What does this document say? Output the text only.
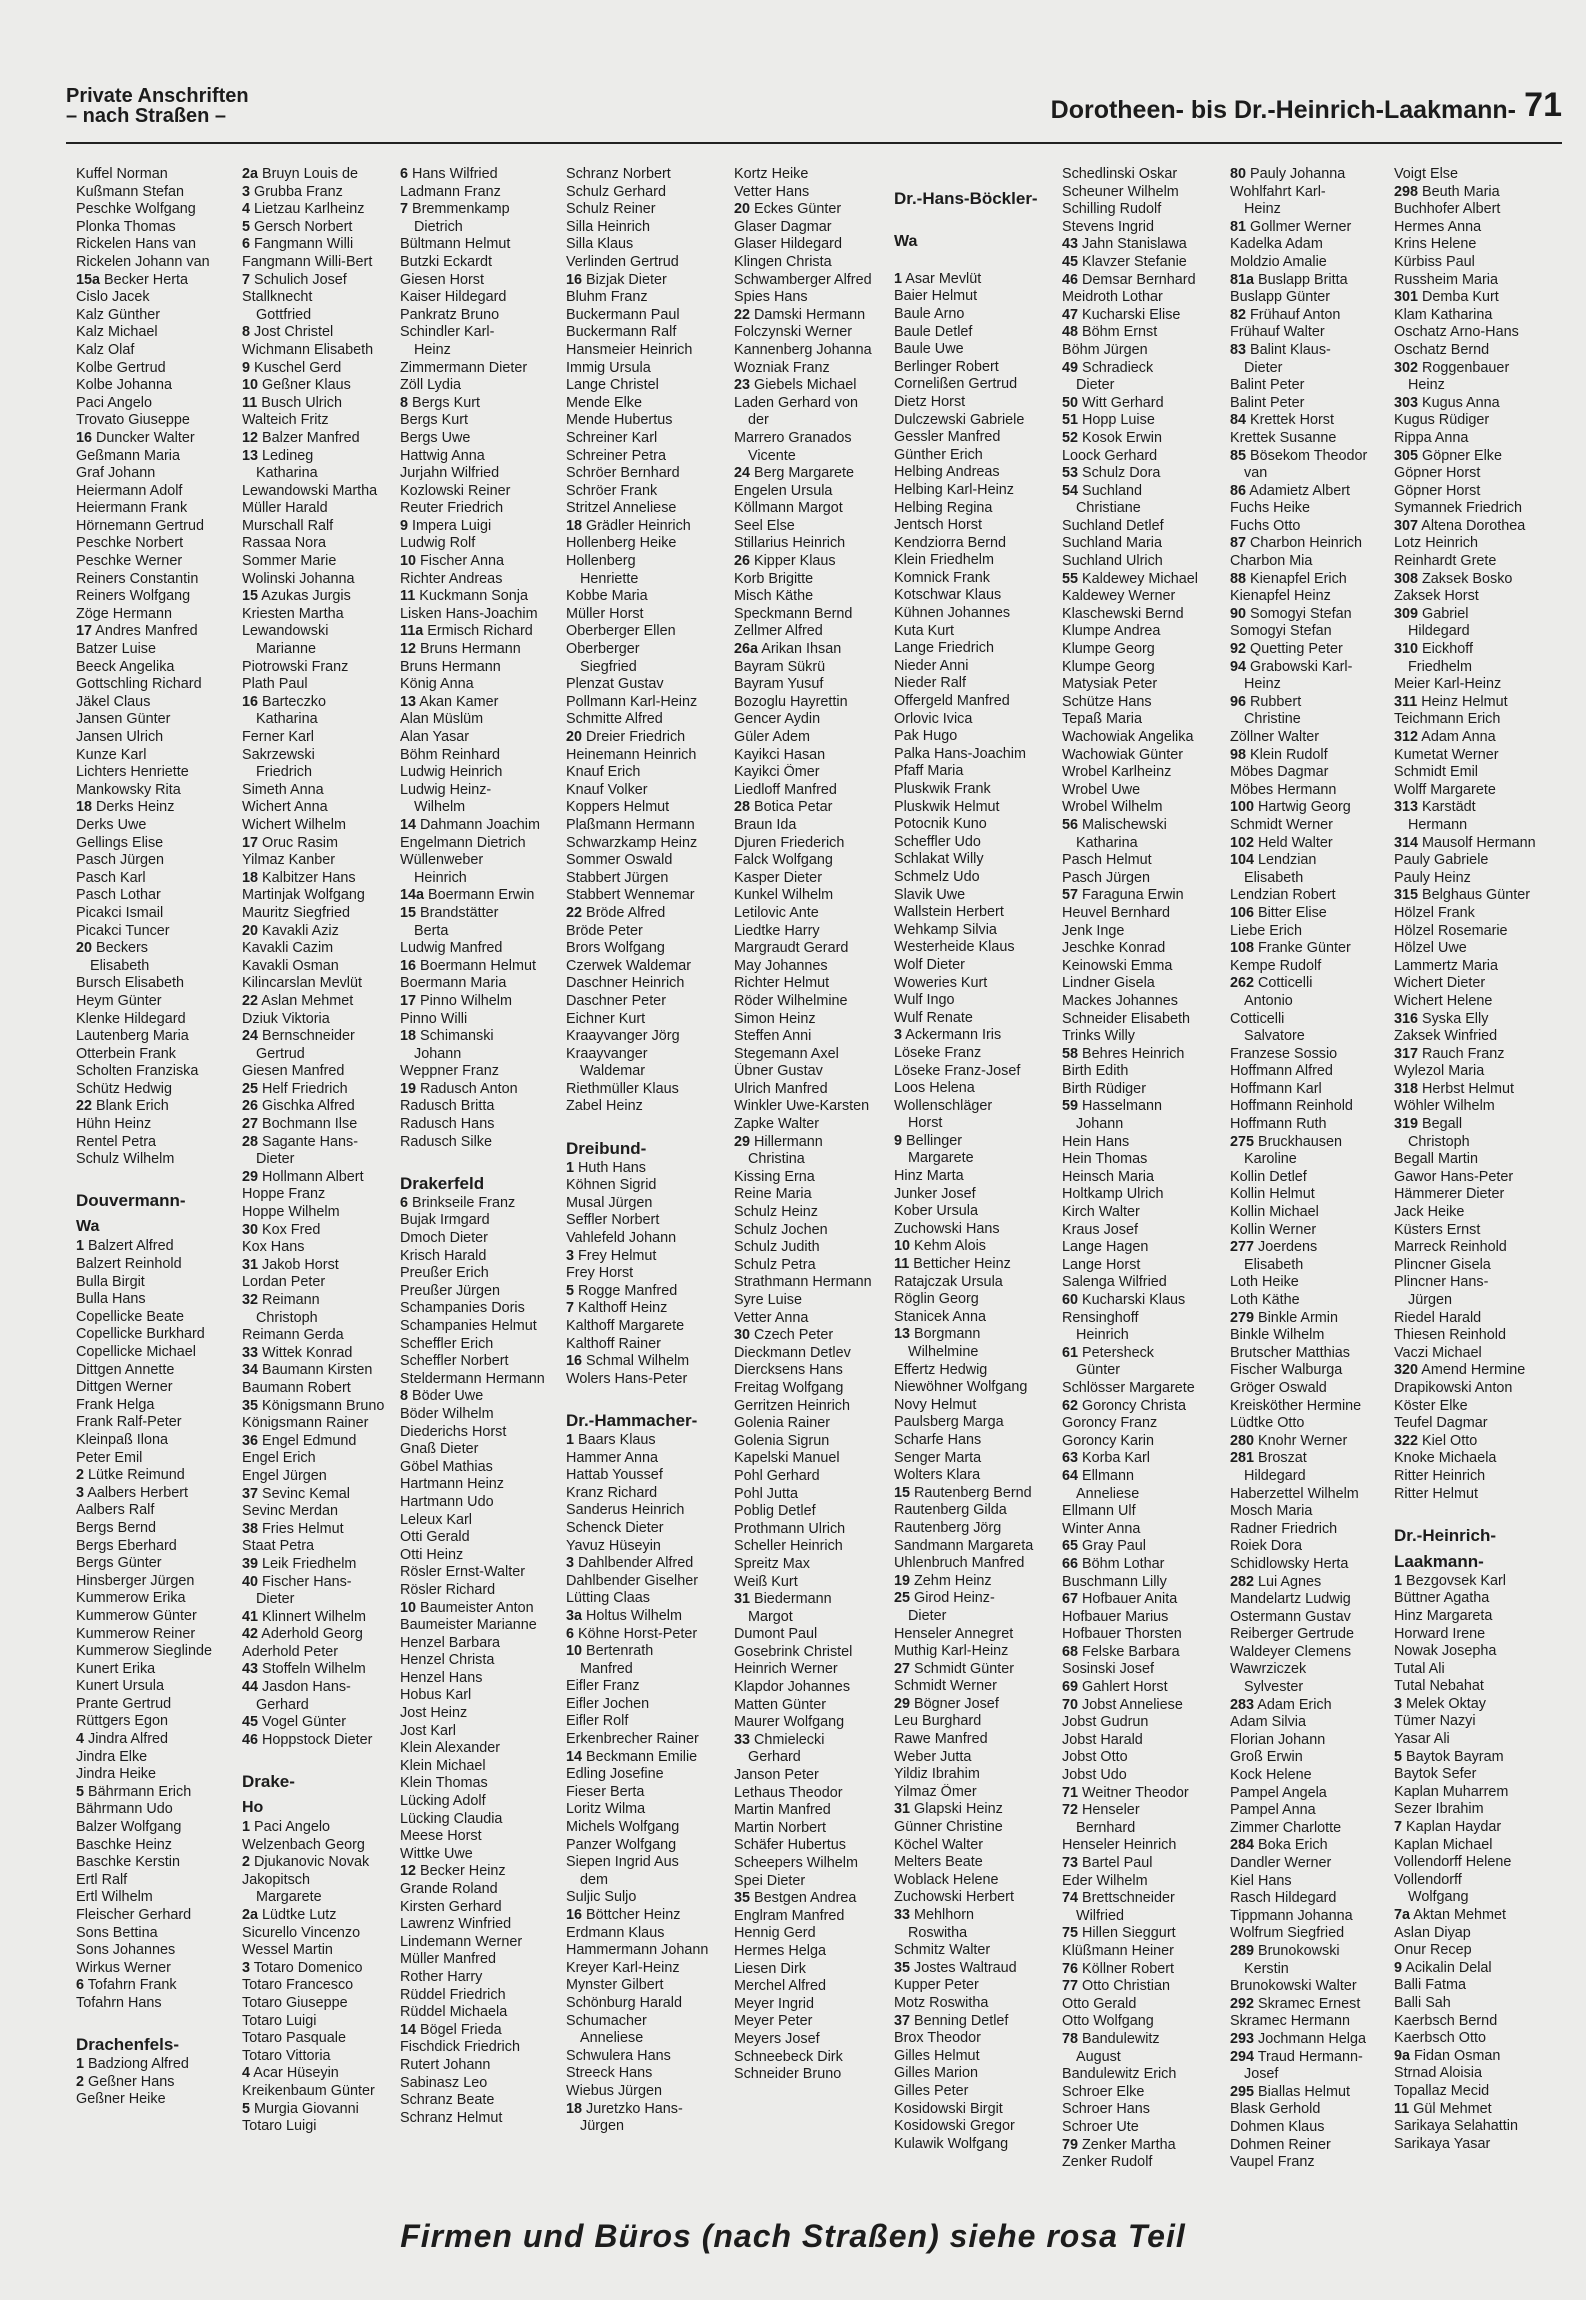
Private Anschriften
– nach Straßen –	Dorotheen- bis Dr.-Heinrich-Laakmann- 71
Kuffel Norman
Kußmann Stefan
Peschke Wolfgang
Plonka Thomas
Rickelen Hans van
Rickelen Johann van
15a Becker Herta
Cislo Jacek
Kalz Günther
Kalz Michael
Kalz Olaf
Kolbe Gertrud
Kolbe Johanna
Paci Angelo
Trovato Giuseppe
16 Duncker Walter
Geßmann Maria
Graf Johann
Heiermann Adolf
Heiermann Frank
Hörnemann Gertrud
Peschke Norbert
Peschke Werner
Reiners Constantin
Reiners Wolfgang
Zöge Hermann
17 Andres Manfred
Batzer Luise
Beeck Angelika
Gottschling Richard
Jäkel Claus
Jansen Günter
Jansen Ulrich
Kunze Karl
Lichters Henriette
Mankowsky Rita
18 Derks Heinz
Derks Uwe
Gellings Elise
Pasch Jürgen
Pasch Karl
Pasch Lothar
Picakci Ismail
Picakci Tuncer
20 Beckers
Elisabeth
Bursch Elisabeth
Heym Günter
Klenke Hildegard
Lautenberg Maria
Otterbein Frank
Scholten Franziska
Schütz Hedwig
22 Blank Erich
Hühn Heinz
Rentel Petra
Schulz Wilhelm
Douvermann-
Wa
1 Balzert Alfred
Balzert Reinhold
Bulla Birgit
Bulla Hans
Copellicke Beate
Copellicke Burkhard
Copellicke Michael
Dittgen Annette
Dittgen Werner
Frank Helga
Frank Ralf-Peter
Kleinpaß Ilona
Peter Emil
2 Lütke Reimund
3 Aalbers Herbert
Aalbers Ralf
Bergs Bernd
Bergs Eberhard
Bergs Günter
Hinsberger Jürgen
Kummerow Erika
Kummerow Günter
Kummerow Reiner
Kummerow Sieglinde
Kunert Erika
Kunert Ursula
Prante Gertrud
Rüttgers Egon
4 Jindra Alfred
Jindra Elke
Jindra Heike
5 Bährmann Erich
Bährmann Udo
Balzer Wolfgang
Baschke Heinz
Baschke Kerstin
Ertl Ralf
Ertl Wilhelm
Fleischer Gerhard
Sons Bettina
Sons Johannes
Wirkus Werner
6 Tofahrn Frank
Tofahrn Hans
Drachenfels-
1 Badziong Alfred
2 Geßner Hans
Geßner Heike
2a Bruyn Louis de
3 Grubba Franz
4 Lietzau Karlheinz
5 Gersch Norbert
6 Fangmann Willi
Fangmann Willi-Bert
7 Schulich Josef
Stallknecht
Gottfried
8 Jost Christel
Wichmann Elisabeth
9 Kuschel Gerd
10 Geßner Klaus
11 Busch Ulrich
Walteich Fritz
12 Balzer Manfred
13 Ledineg
Katharina
Lewandowski Martha
Müller Harald
Murschall Ralf
Rassaa Nora
Sommer Marie
Wolinski Johanna
15 Azukas Jurgis
Kriesten Martha
Lewandowski
Marianne
Piotrowski Franz
Plath Paul
16 Barteczko
Katharina
Ferner Karl
Sakrzewski
Friedrich
Simeth Anna
Wichert Anna
Wichert Wilhelm
17 Oruc Rasim
Yilmaz Kanber
18 Kalbitzer Hans
Martinjak Wolfgang
Mauritz Siegfried
20 Kavakli Aziz
Kavakli Cazim
Kavakli Osman
Kilincarslan Mevlüt
22 Aslan Mehmet
Dziuk Viktoria
24 Bernschneider
Gertrud
Giesen Manfred
25 Helf Friedrich
26 Gischka Alfred
27 Bochmann Ilse
28 Sagante Hans-
Dieter
29 Hollmann Albert
Hoppe Franz
Hoppe Wilhelm
30 Kox Fred
Kox Hans
31 Jakob Horst
Lordan Peter
32 Reimann
Christoph
Reimann Gerda
33 Wittek Konrad
34 Baumann Kirsten
Baumann Robert
35 Königsmann Bruno
Königsmann Rainer
36 Engel Edmund
Engel Erich
Engel Jürgen
37 Sevinc Kemal
Sevinc Merdan
38 Fries Helmut
Staat Petra
39 Leik Friedhelm
40 Fischer Hans-
Dieter
41 Klinnert Wilhelm
42 Aderhold Georg
Aderhold Peter
43 Stoffeln Wilhelm
44 Jasdon Hans-
Gerhard
45 Vogel Günter
46 Hoppstock Dieter
Drake-
Ho
1 Paci Angelo
Welzenbach Georg
2 Djukanovic Novak
Jakopitsch
Margarete
2a Lüdtke Lutz
Sicurello Vincenzo
Wessel Martin
3 Totaro Domenico
Totaro Francesco
Totaro Giuseppe
Totaro Luigi
Totaro Pasquale
Totaro Vittoria
4 Acar Hüseyin
Kreikenbaum Günter
5 Murgia Giovanni
Totaro Luigi
6 Hans Wilfried
Ladmann Franz
7 Bremmenkamp
Dietrich
Bültmann Helmut
Butzki Eckardt
Giesen Horst
Kaiser Hildegard
Pankratz Bruno
Schindler Karl-
Heinz
Zimmermann Dieter
Zöll Lydia
8 Bergs Kurt
Bergs Kurt
Bergs Uwe
Hattwig Anna
Jurjahn Wilfried
Kozlowski Reiner
Reuter Friedrich
9 Impera Luigi
Ludwig Rolf
10 Fischer Anna
Richter Andreas
11 Kuckmann Sonja
Lisken Hans-Joachim
11a Ermisch Richard
12 Bruns Hermann
Bruns Hermann
König Anna
13 Akan Kamer
Alan Müslüm
Alan Yasar
Böhm Reinhard
Ludwig Heinrich
Ludwig Heinz-
Wilhelm
14 Dahmann Joachim
Engelmann Dietrich
Wüllenweber
Heinrich
14a Boermann Erwin
15 Brandstätter
Berta
Ludwig Manfred
16 Boermann Helmut
Boermann Maria
17 Pinno Wilhelm
Pinno Willi
18 Schimanski
Johann
Weppner Franz
19 Radusch Anton
Radusch Britta
Radusch Hans
Radusch Silke
Drakerfeld
6 Brinkseile Franz
Bujak Irmgard
Dmoch Dieter
Krisch Harald
Preußer Erich
Preußer Jürgen
Schampanies Doris
Schampanies Helmut
Scheffler Erich
Scheffler Norbert
Steldermann Hermann
8 Böder Uwe
Böder Wilhelm
Diederichs Horst
Gnaß Dieter
Göbel Mathias
Hartmann Heinz
Hartmann Udo
Leleux Karl
Otti Gerald
Otti Heinz
Rösler Ernst-Walter
Rösler Richard
10 Baumeister Anton
Baumeister Marianne
Henzel Barbara
Henzel Christa
Henzel Hans
Hobus Karl
Jost Heinz
Jost Karl
Klein Alexander
Klein Michael
Klein Thomas
Lücking Adolf
Lücking Claudia
Meese Horst
Wittke Uwe
12 Becker Heinz
Grande Roland
Kirsten Gerhard
Lawrenz Winfried
Lindemann Werner
Müller Manfred
Rother Harry
Rüddel Friedrich
Rüddel Michaela
14 Bögel Frieda
Fischdick Friedrich
Rutert Johann
Sabinasz Leo
Schranz Beate
Schranz Helmut
Schranz Norbert
Schulz Gerhard
Schulz Reiner
Silla Heinrich
Silla Klaus
Verlinden Gertrud
16 Bizjak Dieter
Bluhm Franz
Buckermann Paul
Buckermann Ralf
Hansmeier Heinrich
Immig Ursula
Lange Christel
Mende Elke
Mende Hubertus
Schreiner Karl
Schreiner Petra
Schröer Bernhard
Schröer Frank
Stritzel Anneliese
18 Grädler Heinrich
Hollenberg Heike
Hollenberg
Henriette
Kobbe Maria
Müller Horst
Oberberger Ellen
Oberberger
Siegfried
Plenzat Gustav
Pollmann Karl-Heinz
Schmitte Alfred
20 Dreier Friedrich
Heinemann Heinrich
Knauf Erich
Knauf Volker
Koppers Helmut
Plaßmann Hermann
Schwarzkamp Heinz
Sommer Oswald
Stabbert Jürgen
Stabbert Wennemar
22 Bröde Alfred
Bröde Peter
Brors Wolfgang
Czerwek Waldemar
Daschner Heinrich
Daschner Peter
Eichner Kurt
Kraayvanger Jörg
Kraayvanger
Waldemar
Riethmüller Klaus
Zabel Heinz
Dreibund-
1 Huth Hans
Köhnen Sigrid
Musal Jürgen
Seffler Norbert
Vahlefeld Johann
3 Frey Helmut
Frey Horst
5 Rogge Manfred
7 Kalthoff Heinz
Kalthoff Margarete
Kalthoff Rainer
16 Schmal Wilhelm
Wolers Hans-Peter
Dr.-Hammacher-
1 Baars Klaus
Hammer Anna
Hattab Youssef
Kranz Richard
Sanderus Heinrich
Schenck Dieter
Yavuz Hüseyin
3 Dahlbender Alfred
Dahlbender Giselher
Lütting Claas
3a Holtus Wilhelm
6 Köhne Horst-Peter
10 Bertenrath
Manfred
Eifler Franz
Eifler Jochen
Eifler Rolf
Erkenbrecher Rainer
14 Beckmann Emilie
Edling Josefine
Fieser Berta
Loritz Wilma
Michels Wolfgang
Panzer Wolfgang
Siepen Ingrid Aus
dem
Suljic Suljo
16 Böttcher Heinz
Erdmann Klaus
Hammermann Johann
Kreyer Karl-Heinz
Mynster Gilbert
Schönburg Harald
Schumacher
Anneliese
Schwulera Hans
Streeck Hans
Wiebus Jürgen
18 Juretzko Hans-
Jürgen
Kortz Heike
Vetter Hans
20 Eckes Günter
Glaser Dagmar
Glaser Hildegard
Klingen Christa
Schwamberger Alfred
Spies Hans
22 Damski Hermann
Folczynski Werner
Kannenberg Johanna
Wozniak Franz
23 Giebels Michael
Laden Gerhard von
der
Marrero Granados
Vicente
24 Berg Margarete
Engelen Ursula
Köllmann Margot
Seel Else
Stillarius Heinrich
26 Kipper Klaus
Korb Brigitte
Misch Käthe
Speckmann Bernd
Zellmer Alfred
26a Arikan Ihsan
Bayram Sükrü
Bayram Yusuf
Bozoglu Hayrettin
Gencer Aydin
Güler Adem
Kayikci Hasan
Kayikci Ömer
Liedloff Manfred
28 Botica Petar
Braun Ida
Djuren Friederich
Falck Wolfgang
Kasper Dieter
Kunkel Wilhelm
Letilovic Ante
Liedtke Harry
Margraudt Gerard
May Johannes
Richter Helmut
Röder Wilhelmine
Simon Heinz
Steffen Anni
Stegemann Axel
Übner Gustav
Ulrich Manfred
Winkler Uwe-Karsten
Zapke Walter
29 Hillermann
Christina
Kissing Erna
Reine Maria
Schulz Heinz
Schulz Jochen
Schulz Judith
Schulz Petra
Strathmann Hermann
Syre Luise
Vetter Anna
30 Czech Peter
Dieckmann Detlev
Diercksens Hans
Freitag Wolfgang
Gerritzen Heinrich
Golenia Rainer
Golenia Sigrun
Kapelski Manuel
Pohl Gerhard
Pohl Jutta
Poblig Detlef
Prothmann Ulrich
Scheller Heinrich
Spreitz Max
Weiß Kurt
31 Biedermann
Margot
Dumont Paul
Gosebrink Christel
Heinrich Werner
Klapdor Johannes
Matten Günter
Maurer Wolfgang
33 Chmielecki
Gerhard
Janson Peter
Lethaus Theodor
Martin Manfred
Martin Norbert
Schäfer Hubertus
Scheepers Wilhelm
Spei Dieter
35 Bestgen Andrea
Englram Manfred
Hennig Gerd
Hermes Helga
Liesen Dirk
Merchel Alfred
Meyer Ingrid
Meyer Peter
Meyers Josef
Schneebeck Dirk
Schneider Bruno
Dr.-Hans-Böckler-
Wa
1 Asar Mevlüt
Baier Helmut
Baule Arno
Baule Detlef
Baule Uwe
Berlinger Robert
Cornelißen Gertrud
Dietz Horst
Dulczewski Gabriele
Gessler Manfred
Günther Erich
Helbing Andreas
Helbing Karl-Heinz
Helbing Regina
Jentsch Horst
Kendziorra Bernd
Klein Friedhelm
Komnick Frank
Kotschwar Klaus
Kühnen Johannes
Kuta Kurt
Lange Friedrich
Nieder Anni
Nieder Ralf
Offergeld Manfred
Orlovic Ivica
Pak Hugo
Palka Hans-Joachim
Pfaff Maria
Pluskwik Frank
Pluskwik Helmut
Potocnik Kuno
Scheffler Udo
Schlakat Willy
Schmelz Udo
Slavik Uwe
Wallstein Herbert
Wehkamp Silvia
Westerheide Klaus
Wolf Dieter
Woweries Kurt
Wulf Ingo
Wulf Renate
3 Ackermann Iris
Löseke Franz
Löseke Franz-Josef
Loos Helena
Wollenschläger
Horst
9 Bellinger
Margarete
Hinz Marta
Junker Josef
Kober Ursula
Zuchowski Hans
10 Kehm Alois
11 Betticher Heinz
Ratajczak Ursula
Röglin Georg
Stanicek Anna
13 Borgmann
Wilhelmine
Effertz Hedwig
Niewöhner Wolfgang
Novy Helmut
Paulsberg Marga
Scharfe Hans
Senger Marta
Wolters Klara
15 Rautenberg Bernd
Rautenberg Gilda
Rautenberg Jörg
Sandmann Margareta
Uhlenbruch Manfred
19 Zehm Heinz
25 Girod Heinz-
Dieter
Henseler Annegret
Muthig Karl-Heinz
27 Schmidt Günter
Schmidt Werner
29 Bögner Josef
Leu Burghard
Rawe Manfred
Weber Jutta
Yildiz Ibrahim
Yilmaz Ömer
31 Glapski Heinz
Günner Christine
Köchel Walter
Melters Beate
Woblack Helene
Zuchowski Herbert
33 Mehlhorn
Roswitha
Schmitz Walter
35 Jostes Waltraud
Kupper Peter
Motz Roswitha
37 Benning Detlef
Brox Theodor
Gilles Helmut
Gilles Marion
Gilles Peter
Kosidowski Birgit
Kosidowski Gregor
Kulawik Wolfgang
Schedlinski Oskar
Scheuner Wilhelm
Schilling Rudolf
Stevens Ingrid
43 Jahn Stanislawa
45 Klavzer Stefanie
46 Demsar Bernhard
Meidroth Lothar
47 Kucharski Elise
48 Böhm Ernst
Böhm Jürgen
49 Schradieck
Dieter
50 Witt Gerhard
51 Hopp Luise
52 Kosok Erwin
Loock Gerhard
53 Schulz Dora
54 Suchland
Christiane
Suchland Detlef
Suchland Maria
Suchland Ulrich
55 Kaldewey Michael
Kaldewey Werner
Klaschewski Bernd
Klumpe Andrea
Klumpe Georg
Klumpe Georg
Matysiak Peter
Schütze Hans
Tepaß Maria
Wachowiak Angelika
Wachowiak Günter
Wrobel Karlheinz
Wrobel Uwe
Wrobel Wilhelm
56 Malischewski
Katharina
Pasch Helmut
Pasch Jürgen
57 Faraguna Erwin
Heuvel Bernhard
Jenk Inge
Jeschke Konrad
Keinowski Emma
Lindner Gisela
Mackes Johannes
Schneider Elisabeth
Trinks Willy
58 Behres Heinrich
Birth Edith
Birth Rüdiger
59 Hasselmann
Johann
Hein Hans
Hein Thomas
Heinsch Maria
Holtkamp Ulrich
Kirch Walter
Kraus Josef
Lange Hagen
Lange Horst
Salenga Wilfried
60 Kucharski Klaus
Rensinghoff
Heinrich
61 Petersheck
Günter
Schlösser Margarete
62 Goroncy Christa
Goroncy Franz
Goroncy Karin
63 Korba Karl
64 Ellmann
Anneliese
Ellmann Ulf
Winter Anna
65 Gray Paul
66 Böhm Lothar
Buschmann Lilly
67 Hofbauer Anita
Hofbauer Marius
Hofbauer Thorsten
68 Felske Barbara
Sosinski Josef
69 Gahlert Horst
70 Jobst Anneliese
Jobst Gudrun
Jobst Harald
Jobst Otto
Jobst Udo
71 Weitner Theodor
72 Henseler
Bernhard
Henseler Heinrich
73 Bartel Paul
Eder Wilhelm
74 Brettschneider
Wilfried
75 Hillen Sieggurt
Klüßmann Heiner
76 Köllner Robert
77 Otto Christian
Otto Gerald
Otto Wolfgang
78 Bandulewitz
August
Bandulewitz Erich
Schroer Elke
Schroer Hans
Schroer Ute
79 Zenker Martha
Zenker Rudolf
80 Pauly Johanna
Wohlfahrt Karl-
Heinz
81 Gollmer Werner
Kadelka Adam
Moldzio Amalie
81a Buslapp Britta
Buslapp Günter
82 Frühauf Anton
Frühauf Walter
83 Balint Klaus-
Dieter
Balint Peter
Balint Peter
84 Krettek Horst
Krettek Susanne
85 Bösekom Theodor
van
86 Adamietz Albert
Fuchs Heike
Fuchs Otto
87 Charbon Heinrich
Charbon Mia
88 Kienapfel Erich
Kienapfel Heinz
90 Somogyi Stefan
Somogyi Stefan
92 Quetting Peter
94 Grabowski Karl-
Heinz
96 Rubbert
Christine
Zöllner Walter
98 Klein Rudolf
Möbes Dagmar
Möbes Hermann
100 Hartwig Georg
Schmidt Werner
102 Held Walter
104 Lendzian
Elisabeth
Lendzian Robert
106 Bitter Elise
Liebe Erich
108 Franke Günter
Kempe Rudolf
262 Cotticelli
Antonio
Cotticelli
Salvatore
Franzese Sossio
Hoffmann Alfred
Hoffmann Karl
Hoffmann Reinhold
Hoffmann Ruth
275 Bruckhausen
Karoline
Kollin Detlef
Kollin Helmut
Kollin Michael
Kollin Werner
277 Joerdens
Elisabeth
Loth Heike
Loth Käthe
279 Binkle Armin
Binkle Wilhelm
Brutscher Matthias
Fischer Walburga
Gröger Oswald
Kreisköther Hermine
Lüdtke Otto
280 Knohr Werner
281 Broszat
Hildegard
Haberzettel Wilhelm
Mosch Maria
Radner Friedrich
Roiek Dora
Schidlowsky Herta
282 Lui Agnes
Mandelartz Ludwig
Ostermann Gustav
Reiberger Gertrude
Waldeyer Clemens
Wawrziczek
Sylvester
283 Adam Erich
Adam Silvia
Florian Johann
Groß Erwin
Kock Helene
Pampel Angela
Pampel Anna
Zimmer Charlotte
284 Boka Erich
Dandler Werner
Kiel Hans
Rasch Hildegard
Tippmann Johanna
Wolfrum Siegfried
289 Brunokowski
Kerstin
Brunokowski Walter
292 Skramec Ernest
Skramec Hermann
293 Jochmann Helga
294 Traud Hermann-
Josef
295 Biallas Helmut
Blask Gerhold
Dohmen Klaus
Dohmen Reiner
Vaupel Franz
Voigt Else
298 Beuth Maria
Buchhofer Albert
Hermes Anna
Krins Helene
Kürbiss Paul
Russheim Maria
301 Demba Kurt
Klam Katharina
Oschatz Arno-Hans
Oschatz Bernd
302 Roggenbauer
Heinz
303 Kugus Anna
Kugus Rüdiger
Rippa Anna
305 Göpner Elke
Göpner Horst
Göpner Horst
Symannek Friedrich
307 Altena Dorothea
Lotz Heinrich
Reinhardt Grete
308 Zaksek Bosko
Zaksek Horst
309 Gabriel
Hildegard
310 Eickhoff
Friedhelm
Meier Karl-Heinz
311 Heinz Helmut
Teichmann Erich
312 Adam Anna
Kumetat Werner
Schmidt Emil
Wolff Margarete
313 Karstädt
Hermann
314 Mausolf Hermann
Pauly Gabriele
Pauly Heinz
315 Belghaus Günter
Hölzel Frank
Hölzel Rosemarie
Hölzel Uwe
Lammertz Maria
Wichert Dieter
Wichert Helene
316 Syska Elly
Zaksek Winfried
317 Rauch Franz
Wylezol Maria
318 Herbst Helmut
Wöhler Wilhelm
319 Begall
Christoph
Begall Martin
Gawor Hans-Peter
Hämmerer Dieter
Jack Heike
Küsters Ernst
Marreck Reinhold
Plincner Gisela
Plincner Hans-
Jürgen
Riedel Harald
Thiesen Reinhold
Vaczi Michael
320 Amend Hermine
Drapikowski Anton
Köster Elke
Teufel Dagmar
322 Kiel Otto
Knoke Michaela
Ritter Heinrich
Ritter Helmut
Dr.-Heinrich-
Laakmann-
1 Bezgovsek Karl
Büttner Agatha
Hinz Margareta
Horward Irene
Nowak Josepha
Tutal Ali
Tutal Nebahat
3 Melek Oktay
Tümer Nazyi
Yasar Ali
5 Baytok Bayram
Baytok Sefer
Kaplan Muharrem
Sezer Ibrahim
7 Kaplan Haydar
Kaplan Michael
Vollendorff Helene
Vollendorff
Wolfgang
7a Aktan Mehmet
Aslan Diyap
Onur Recep
9 Acikalin Delal
Balli Fatma
Balli Sah
Kaerbsch Bernd
Kaerbsch Otto
9a Fidan Osman
Strnad Aloisia
Topallaz Mecid
11 Gül Mehmet
Sarikaya Selahattin
Sarikaya Yasar
Firmen und Büros (nach Straßen) siehe rosa Teil
